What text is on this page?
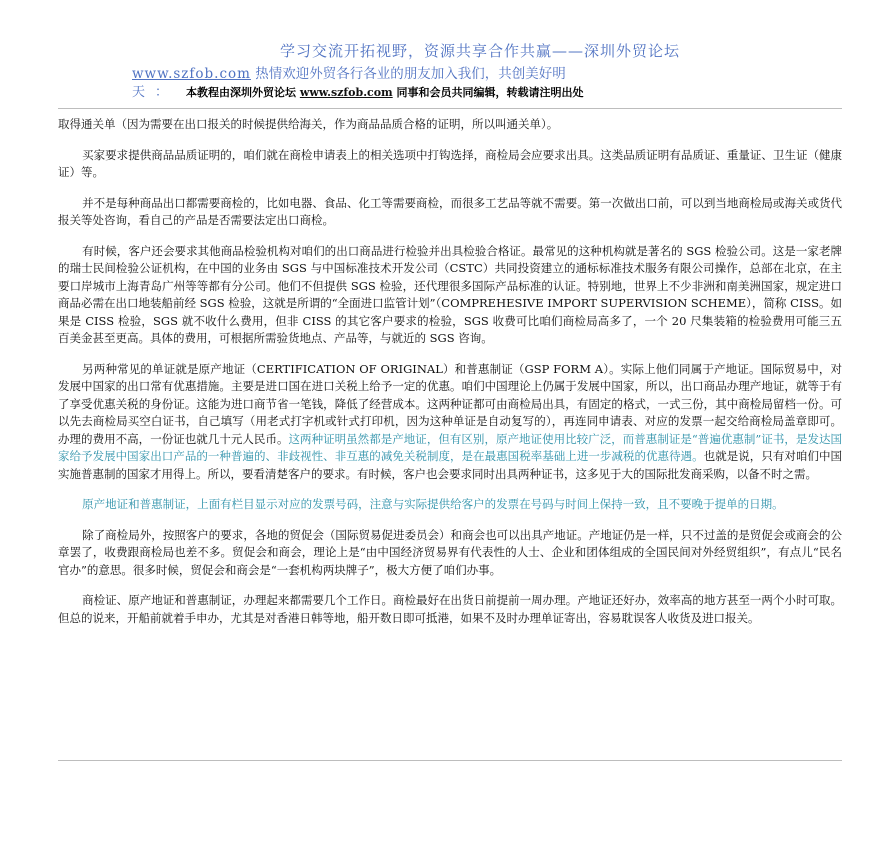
学习交流开拓视野，资源共享合作共赢——深圳外贸论坛
www.szfob.com 热情欢迎外贸各行各业的朋友加入我们，共创美好明
天： 本教程由深圳外贸论坛 www.szfob.com 同事和会员共同编辑，转载请注明出处

取得通关单（因为需要在出口报关的时候提供给海关，作为商品品质合格的证明，所以叫通关单）。

买家要求提供商品品质证明的，咱们就在商检申请表上的相关选项中打钩选择，商检局会应要求出具。这类品质证明有品质证、重量证、卫生证（健康证）等。

并不是每种商品出口都需要商检的，比如电器、食品、化工等需要商检，而很多工艺品等就不需要。第一次做出口前，可以到当地商检局或海关或货代报关等处咨询，看自己的产品是否需要法定出口商检。

有时候，客户还会要求其他商品检验机构对咱们的出口商品进行检验并出具检验合格证。最常见的这种机构就是著名的 SGS 检验公司。这是一家老牌的瑞士民间检验公证机构，在中国的业务由 SGS 与中国标准技术开发公司（CSTC）共同投资建立的通标标准技术服务有限公司操作，总部在北京，在主要口岸城市上海青岛广州等等都有分公司。他们不但提供 SGS 检验，还代理很多国际产品标准的认证。特别地，世界上不少非洲和南美洲国家，规定进口商品必需在出口地装船前经 SGS 检验，这就是所谓的“全面进口监管计划”（COMPREHESIVE IMPORT SUPERVISION SCHEME），简称 CISS。如果是 CISS 检验，SGS 就不收什么费用，但非 CISS 的其它客户要求的检验，SGS 收费可比咱们商检局高多了，一个 20 尺集装箱的检验费用可能三五百美金甚至更高。具体的费用，可根据所需验货地点、产品等，与就近的 SGS 咨询。

另两种常见的单证就是原产地证（CERTIFICATION OF ORIGINAL）和普惠制证（GSP FORM A）。实际上他们同属于产地证。国际贸易中，对发展中国家的出口常有优惠措施。主要是进口国在进口关税上给予一定的优惠。咱们中国理论上仍属于发展中国家，所以，出口商品办理产地证，就等于有了享受优惠关税的身份证。这能为进口商节省一笔钱，降低了经营成本。这两种证都可由商检局出具，有固定的格式，一式三份，其中商检局留档一份。可以先去商检局买空白证书，自己填写（用老式打字机或针式打印机，因为这种单证是自动复写的），再连同申请表、对应的发票一起交给商检局盖章即可。办理的费用不高，一份证也就几十元人民币。这两种证明虽然都是产地证，但有区别，原产地证使用比较广泛，而普惠制证是“普遍优惠制”证书，是发达国家给予发展中国家出口产品的一种普遍的、非歧视性、非互惠的减免关税制度，是在最惠国税率基础上进一步减税的优惠待遇。也就是说，只有对咱们中国实施普惠制的国家才用得上。所以，要看清楚客户的要求。有时候，客户也会要求同时出具两种证书，这多见于大的国际批发商采购，以备不时之需。

原产地证和普惠制证，上面有栏目显示对应的发票号码，注意与实际提供给客户的发票在号码与时间上保持一致，且不要晚于提单的日期。

除了商检局外，按照客户的要求，各地的贸促会（国际贸易促进委员会）和商会也可以出具产地证。产地证仍是一样，只不过盖的是贸促会或商会的公章罢了，收费跟商检局也差不多。贸促会和商会，理论上是“由中国经济贸易界有代表性的人士、企业和团体组成的全国民间对外经贸组织”，有点儿“民名官办”的意思。很多时候，贸促会和商会是“一套机构两块牌子”，极大方便了咱们办事。

商检证、原产地证和普惠制证，办理起来都需要几个工作日。商检最好在出货日前提前一周办理。产地证还好办，效率高的地方甚至一两个小时可取。但总的说来，开船前就着手申办，尤其是对香港日韩等地，船开数日即可抵港，如果不及时办理单证寄出，容易耽误客人收货及进口报关。
